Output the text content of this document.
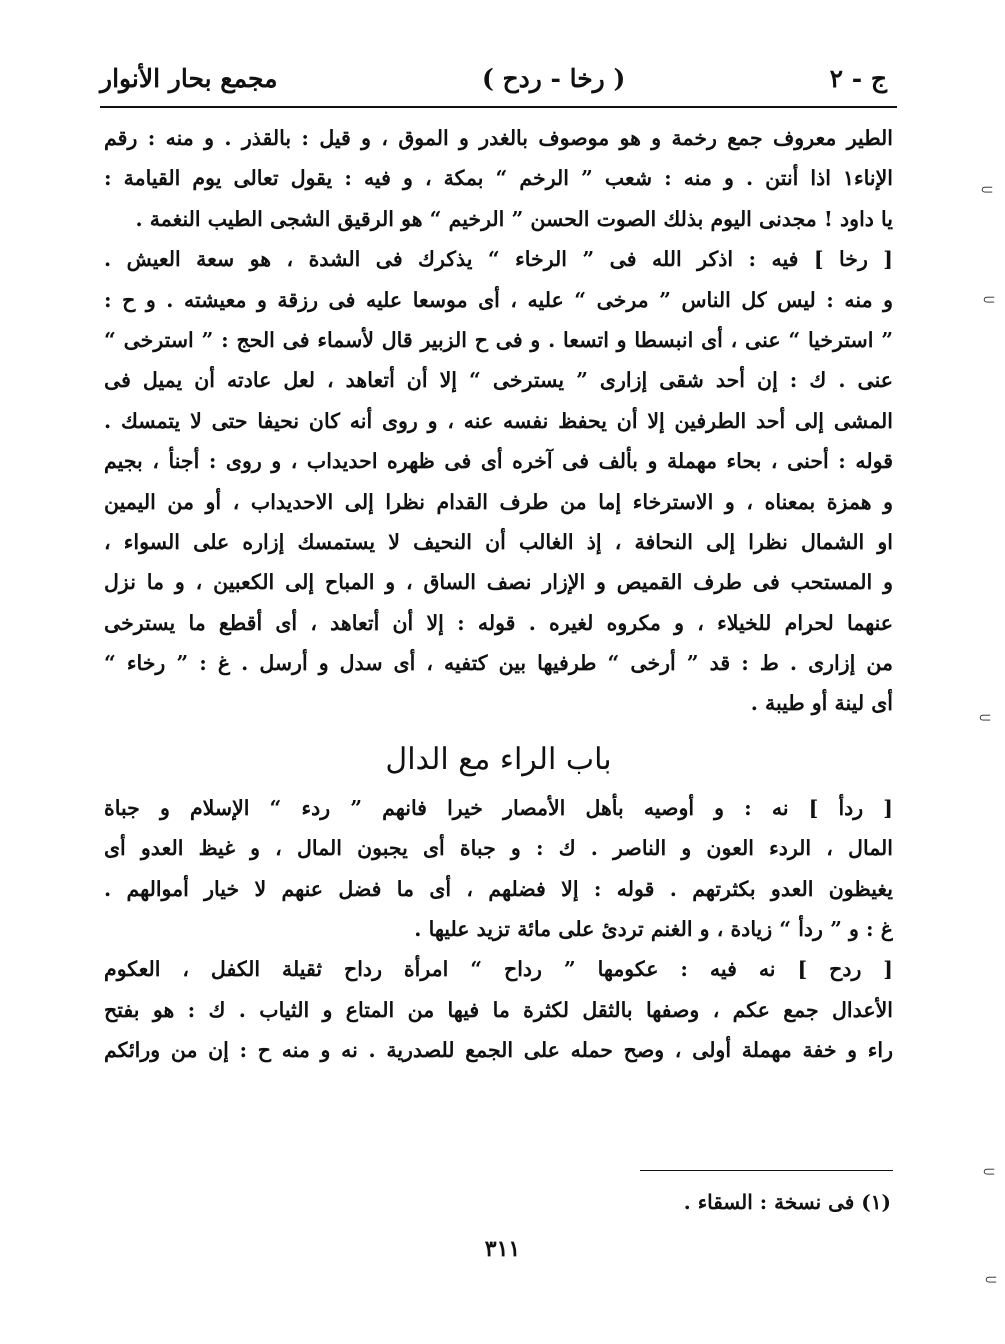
مجمع بحار الأنوار	( رخا - ردح )	ج - ٢
الطير معروف جمع رخمة و هو موصوف بالغدر و الموق ، و قيل : بالقذر . و منه : رقم
الإناء١ اذا أنتن . و منه : شعب ” الرخم “ بمكة ، و فيه : يقول تعالى يوم القيامة :
يا داود ! مجدنی اليوم بذلك الصوت الحسن ” الرخيم “ هو الرقيق الشجی الطيب النغمة .
[ رخا ] فيه : اذكر الله فی ” الرخاء “ يذكرك فی الشدة ، هو سعة العيش .
و منه : ليس كل الناس ” مرخی “ عليه ، أی موسعا عليه فی رزقة و معيشته . و ح :
” استرخيا “ عنی ، أی انبسطا و اتسعا . و فی ح الزبير قال لأسماء فی الحج : ” استرخی “
عنی . ك : إن أحد شقی إزاری ” يسترخی “ إلا أن أتعاهد ، لعل عادته أن يميل فی
المشی إلی أحد الطرفين إلا أن يحفظ نفسه عنه ، و روی أنه كان نحيفا حتی لا يتمسك .
قوله : أحنی ، بحاء مهملة و بألف فی آخره أی فی ظهره احديداب ، و روی : أجنأ ، بجيم
و همزة بمعناه ، و الاسترخاء إما من طرف القدام نظرا إلی الاحديداب ، أو من اليمين
او الشمال نظرا إلی النحافة ، إذ الغالب أن النحيف لا يستمسك إزاره علی السواء ،
و المستحب فی طرف القميص و الإزار نصف الساق ، و المباح إلی الكعبين ، و ما نزل
عنهما لحرام للخيلاء ، و مكروه لغيره . قوله : إلا أن أتعاهد ، أی أقطع ما يسترخی
من إزاری . ط : قد ” أرخی “ طرفيها بين كتفيه ، أی سدل و أرسل . غ : ” رخاء “
أی لينة أو طيبة .
باب الراء مع الدال
[ ردأ ] نه : و أوصيه بأهل الأمصار خيرا فانهم ” ردء “ الإسلام و جباة
المال ، الردء العون و الناصر . ك : و جباة أی يجبون المال ، و غيظ العدو أی
يغيظون العدو بكثرتهم . قوله : إلا فضلهم ، أی ما فضل عنهم لا خيار أموالهم .
غ : و ” ردأ “ زيادة ، و الغنم تردئ علی مائة تزيد عليها .
[ ردح ] نه فيه : عكومها ” رداح “ امرأة رداح ثقيلة الكفل ، العكوم
الأعدال جمع عكم ، وصفها بالثقل لكثرة ما فيها من المتاع و الثياب . ك : هو بفتح
راء و خفة مهملة أولی ، وصح حمله علی الجمع للصدرية . نه و منه ح : إن من ورائكم
(١) فی نسخة : السقاء .
٣١١
⸦
⸦
⸦
⸦
⸦
